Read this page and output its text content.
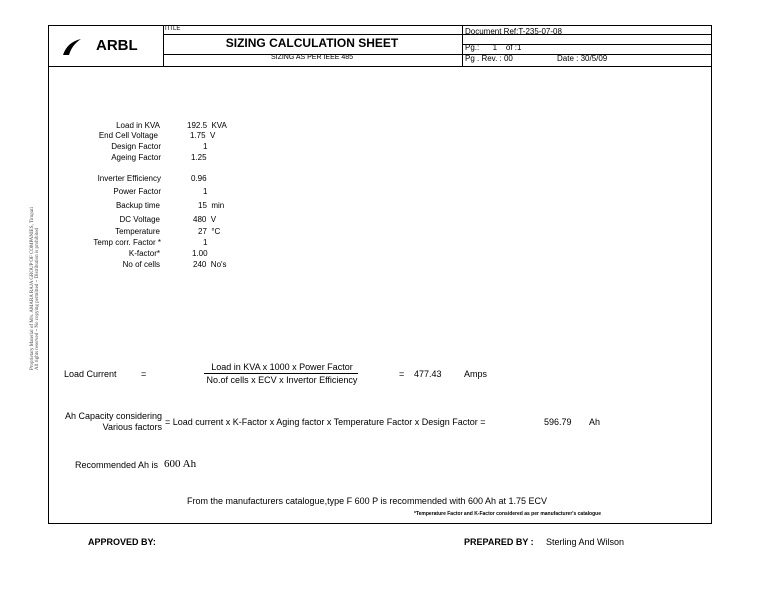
ARBL
TITLE
SIZING CALCULATION SHEET
SIZING AS PER IEEE 485
Document Ref:T-235-07-08
Pg.:      1    of :1
Pg . Rev. : 00	Date : 30/5/09
Load in KVA	192.5  KVA
End Cell Voltage	1.75  V
Design Factor	1
Ageing Factor	1.25
Inverter Efficiency	0.96
Power Factor	1
Backup time	15  min
DC Voltage	480  V
Temperature	27  °C
Temp corr. Factor *	1
K-factor*	1.00
No of cells	240  No's
Load Current	=
Load in KVA x 1000 x Power Factor
No.of cells x ECV x Invertor Efficiency
= 477.43 Amps
Ah Capacity considering
Various factors = Load current x K-Factor x Aging factor x Temperature Factor x Design Factor =	596.79 Ah
Recommended Ah is 600 Ah
From the manufacturers catalogue,type F 600 P is recommended with 600 Ah at 1.75 ECV
*Temperature Factor and K-Factor considered as per manufacturer's catalogue
APPROVED BY:	PREPARED BY : Sterling And Wilson
Proprietary Material of M/s. AMARA RAJA GROUP OF COMPANIES, Tirupati All rights reserved ~ No copying permitted ~ Distribution is prohibited
